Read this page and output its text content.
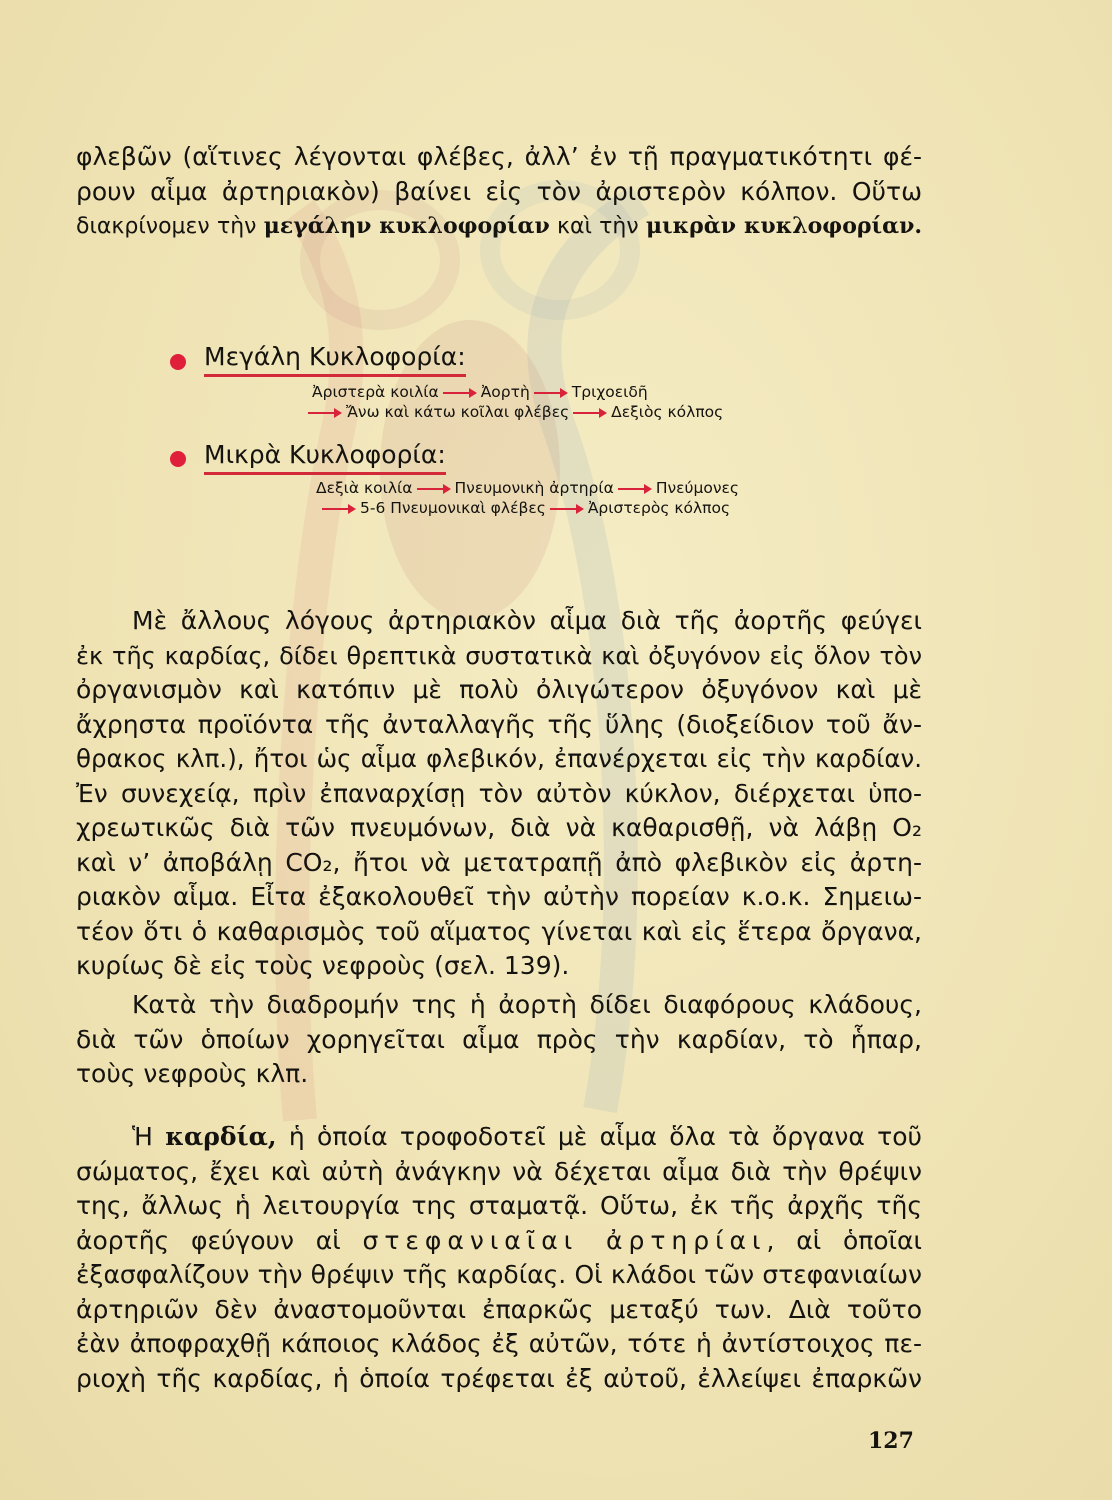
φλεβῶν (αἵτινες λέγονται φλέβες, ἀλλ’ ἐν τῇ πραγματικότητι φέ-
ρουν αἷμα ἀρτηριακὸν) βαίνει εἰς τὸν ἀριστερὸν κόλπον. Οὕτω
διακρίνομεν τὴν μεγάλην κυκλοφορίαν καὶ τὴν μικρὰν κυκλοφορίαν.
Μεγάλη Κυκλοφορία:
Ἀριστερὰ κοιλία	Ἀορτὴ	Τριχοειδῆ
Ἄνω καὶ κάτω κοῖλαι φλέβες	Δεξιὸς κόλπος
Μικρὰ Κυκλοφορία:
Δεξιὰ κοιλία	Πνευμονικὴ ἀρτηρία	Πνεύμονες
5-6 Πνευμονικαὶ φλέβες	Ἀριστερὸς κόλπος
Μὲ ἄλλους λόγους ἀρτηριακὸν αἷμα διὰ τῆς ἀορτῆς φεύγει
ἐκ τῆς καρδίας, δίδει θρεπτικὰ συστατικὰ καὶ ὀξυγόνον εἰς ὅλον τὸν
ὀργανισμὸν καὶ κατόπιν μὲ πολὺ ὀλιγώτερον ὀξυγόνον καὶ μὲ
ἄχρηστα προϊόντα τῆς ἀνταλλαγῆς τῆς ὕλης (διοξείδιον τοῦ ἄν-
θρακος κλπ.), ἤτοι ὡς αἷμα φλεβικόν, ἐπανέρχεται εἰς τὴν καρδίαν.
Ἐν συνεχείᾳ, πρὶν ἐπαναρχίσῃ τὸν αὐτὸν κύκλον, διέρχεται ὑπο-
χρεωτικῶς διὰ τῶν πνευμόνων, διὰ νὰ καθαρισθῇ, νὰ λάβῃ O₂
καὶ ν’ ἀποβάλῃ CO₂, ἤτοι νὰ μετατραπῇ ἀπὸ φλεβικὸν εἰς ἀρτη-
ριακὸν αἷμα. Εἶτα ἐξακολουθεῖ τὴν αὐτὴν πορείαν κ.ο.κ. Σημειω-
τέον ὅτι ὁ καθαρισμὸς τοῦ αἵματος γίνεται καὶ εἰς ἕτερα ὄργανα,
κυρίως δὲ εἰς τοὺς νεφροὺς (σελ. 139).
Κατὰ τὴν διαδρομήν της ἡ ἀορτὴ δίδει διαφόρους κλάδους,
διὰ τῶν ὁποίων χορηγεῖται αἷμα πρὸς τὴν καρδίαν, τὸ ἧπαρ,
τοὺς νεφροὺς κλπ.
Ἡ καρδία, ἡ ὁποία τροφοδοτεῖ μὲ αἷμα ὅλα τὰ ὄργανα τοῦ
σώματος, ἔχει καὶ αὐτὴ ἀνάγκην νὰ δέχεται αἷμα διὰ τὴν θρέψιν
της, ἄλλως ἡ λειτουργία της σταματᾷ. Οὕτω, ἐκ τῆς ἀρχῆς τῆς
ἀορτῆς φεύγουν αἱ στεφανιαῖαι ἀρτηρίαι, αἱ ὁποῖαι
ἐξασφαλίζουν τὴν θρέψιν τῆς καρδίας. Οἱ κλάδοι τῶν στεφανιαίων
ἀρτηριῶν δὲν ἀναστομοῦνται ἐπαρκῶς μεταξύ των. Διὰ τοῦτο
ἐὰν ἀποφραχθῇ κάποιος κλάδος ἐξ αὐτῶν, τότε ἡ ἀντίστοιχος πε-
ριοχὴ τῆς καρδίας, ἡ ὁποία τρέφεται ἐξ αὐτοῦ, ἐλλείψει ἐπαρκῶν
127
